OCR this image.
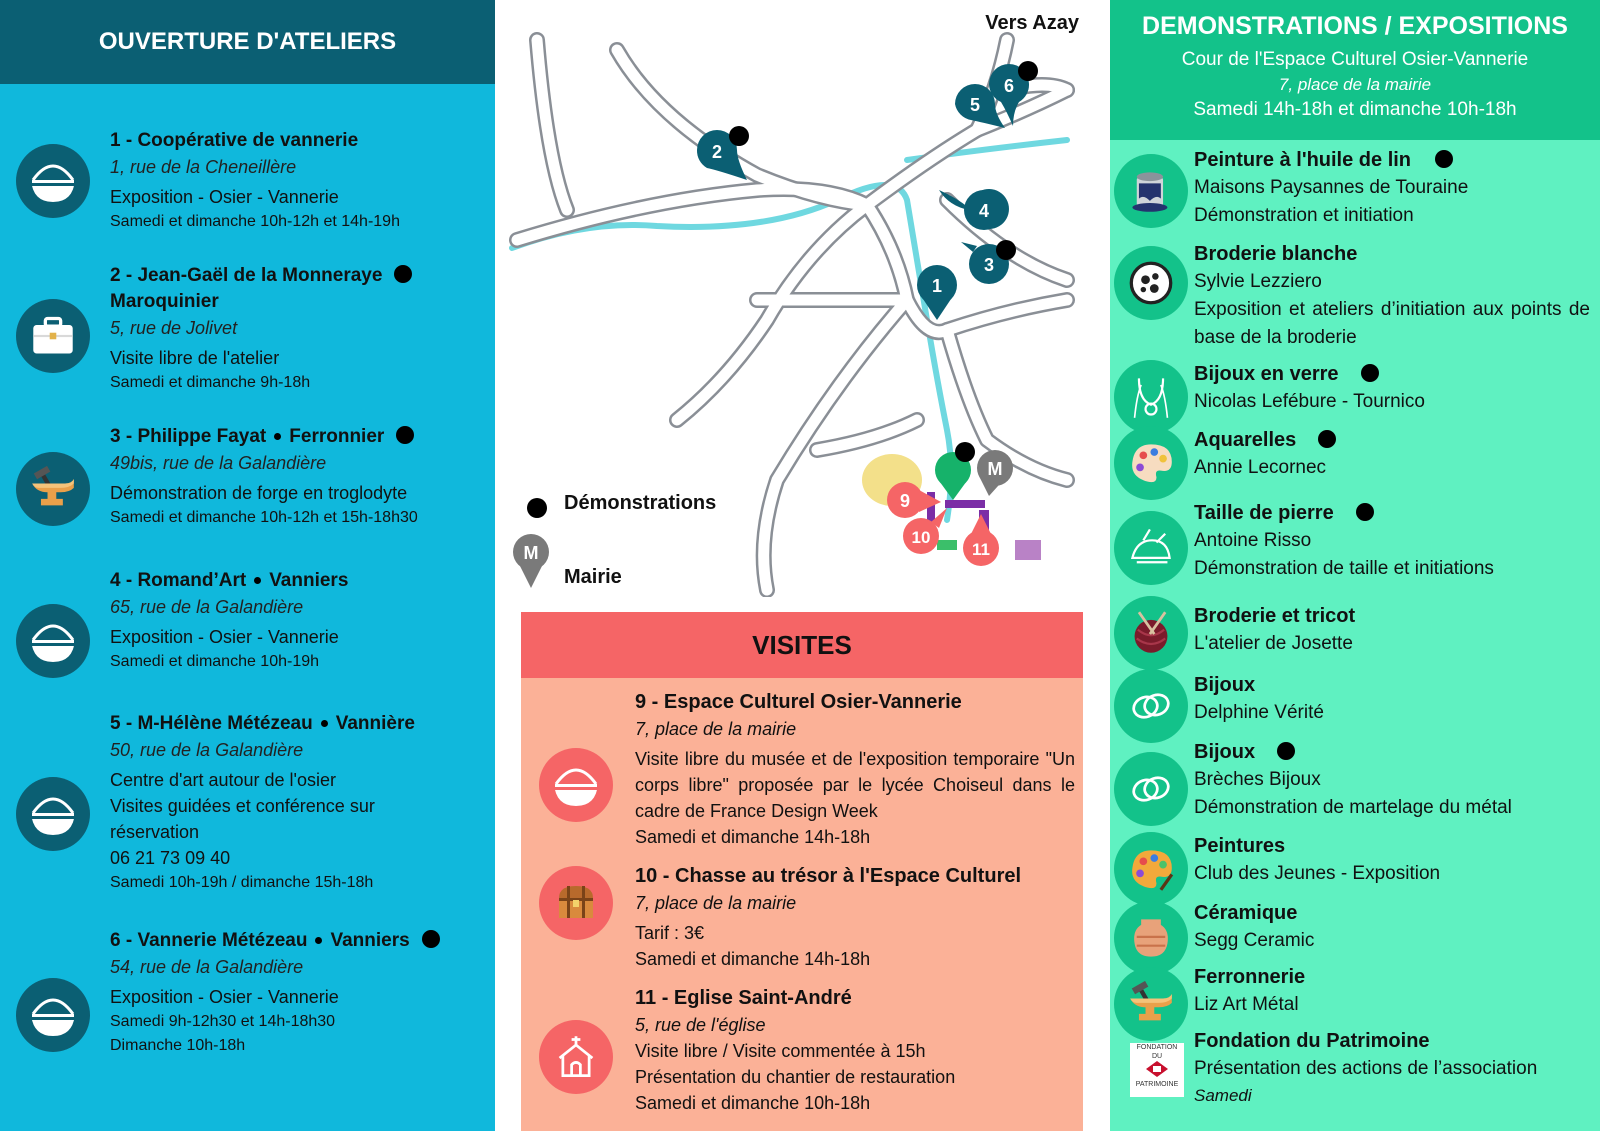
OUVERTURE D'ATELIERS
1 - Coopérative de vannerie
1, rue de la Cheneillère
Exposition - Osier - Vannerie
Samedi et dimanche 10h-12h et 14h-19h
2 - Jean-Gaël de la Monneraye
Maroquinier
5, rue de Jolivet
Visite libre de l'atelier
Samedi et dimanche 9h-18h
3 - Philippe Fayat Ferronnier
49bis, rue de la Galandière
Démonstration de forge en troglodyte
Samedi et dimanche 10h-12h et 15h-18h30
4 - Romand’Art Vanniers
65, rue de la Galandière
Exposition - Osier - Vannerie
Samedi et dimanche 10h-19h
5 - M-Hélène Métézeau Vannière
50, rue de la Galandière
Centre d'art autour de l'osier
Visites guidées et conférence sur réservation
06 21 73 09 40
Samedi 10h-19h / dimanche 15h-18h
6 - Vannerie Métézeau Vanniers
54, rue de la Galandière
Exposition - Osier - Vannerie
Samedi 9h-12h30 et 14h-18h30
Dimanche 10h-18h
2
5
6
4
3
1
M
9
10
11
M
Vers Azay
Démonstrations
Mairie
VISITES
9 - Espace Culturel Osier-Vannerie
7, place de la mairie
Visite libre du musée et de l'exposition temporaire "Un corps libre" proposée par le lycée Choiseul dans le cadre de France Design Week
Samedi et dimanche 14h-18h
10 - Chasse au trésor à l'Espace Culturel
7, place de la mairie
Tarif : 3€
Samedi et dimanche 14h-18h
11 - Eglise Saint-André
5, rue de l'église
Visite libre / Visite commentée à 15h
Présentation du chantier de restauration
Samedi et dimanche 10h-18h
DEMONSTRATIONS / EXPOSITIONS
Cour de l'Espace Culturel Osier-Vannerie
7, place de la mairie
Samedi 14h-18h et dimanche 10h-18h
Peinture à l'huile de lin
Maisons Paysannes de Touraine
Démonstration et initiation
Broderie blanche
Sylvie Lezziero
Exposition et ateliers d’initiation aux points de base de la broderie
Bijoux en verre
Nicolas Lefébure - Tournico
Aquarelles
Annie Lecornec
Taille de pierre
Antoine Risso
Démonstration de taille et initiations
Broderie et tricot
L'atelier de Josette
Bijoux
Delphine Vérité
Bijoux
Brèches Bijoux
Démonstration de martelage du métal
Peintures
Club des Jeunes - Exposition
Céramique
Segg Ceramic
Ferronnerie
Liz Art Métal
FONDATION
DU
PATRIMOINE
Fondation du Patrimoine
Présentation des actions de l’association
Samedi
